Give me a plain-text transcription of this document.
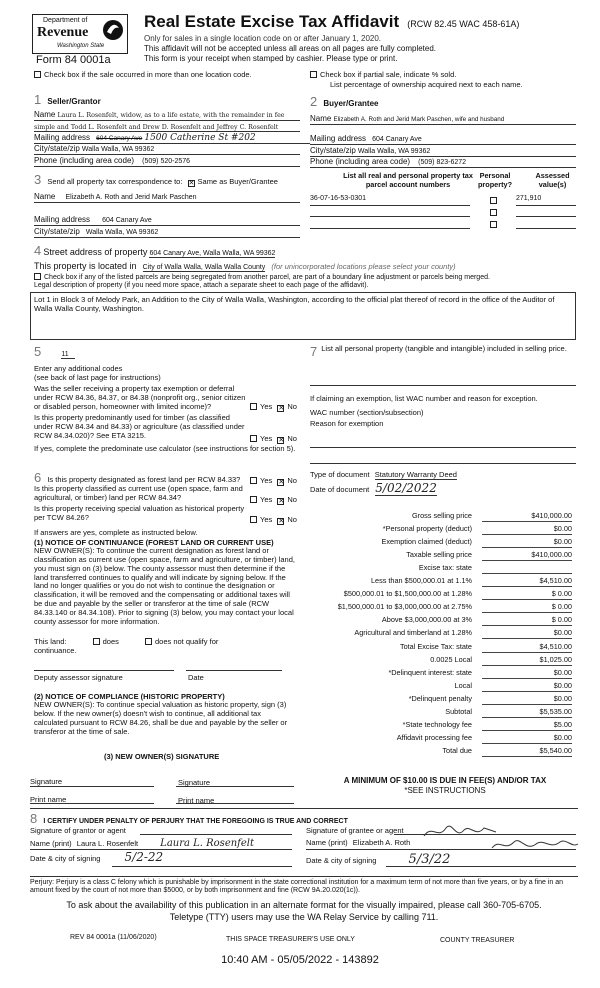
Department of
Revenue
Washington State
Form 84 0001a
Real Estate Excise Tax Affidavit (RCW 82.45 WAC 458-61A)
Only for sales in a single location code on or after January 1, 2020.
This affidavit will not be accepted unless all areas on all pages are fully completed.
This form is your receipt when stamped by cashier. Please type or print.
Check box if the sale occurred in more than one location code.	Check box if partial sale, indicate % sold.
List percentage of ownership acquired next to each name.
1 Seller/Grantor	2 Buyer/Grantee
Name Laura L. Rosenfelt, widow, as to a life estate, with the remainder in fee
simple and Todd L. Rosenfelt and Drew D. Rosenfelt and Jeffrey C. Rosenfelt
Mailing address 604 Canary Ave 1500 Catherine St #202
City/state/zip Walla Walla, WA 99362
Phone (including area code) (509) 520-2576
Name Elizabeth A. Roth and Jerid Mark Paschen, wife and husband
Mailing address 604 Canary Ave
City/state/zip Walla Walla, WA 99362
Phone (including area code) (509) 823-6272
3 Send all property tax correspondence to: ✕ Same as Buyer/Grantee
Name Elizabeth A. Roth and Jerid Mark Paschen
Mailing address 604 Canary Ave
City/state/zip Walla Walla, WA 99362
List all real and personal property tax
parcel account numbers
Personal
property?
Assessed
value(s)
36-07-16-53-0301	271,910
4 Street address of property 604 Canary Ave, Walla Walla, WA 99362
This property is located in City of Walla Walla, Walla Walla County (for unincorporated locations please select your county)
Check box if any of the listed parcels are being segregated from another parcel, are part of a boundary line adjustment or parcels being merged.
Legal description of property (if you need more space, attach a separate sheet to each page of the affidavit).
Lot 1 in Block 3 of Melody Park, an Addition to the City of Walla Walla, Washington, according to the official plat thereof of record in the office of the Auditor of Walla Walla County, Washington.
5	11
Enter any additional codes
(see back of last page for instructions)
Was the seller receiving a property tax exemption or deferral under RCW 84.36, 84.37, or 84.38 (nonprofit org., senior citizen or disabled person, homeowner with limited income)?	Yes ✕ No
Is this property predominantly used for timber (as classified under RCW 84.34 and 84.33) or agriculture (as classified under RCW 84.34.020)? See ETA 3215.	Yes ✕ No
If yes, complete the predominate use calculator (see instructions for section 5).
7 List all personal property (tangible and intangible) included in selling price.
If claiming an exemption, list WAC number and reason for exception.
WAC number (section/subsection)
Reason for exemption
6 Is this property designated as forest land per RCW 84.33?	Yes ✕ No
Is this property classified as current use (open space, farm and agricultural, or timber) land per RCW 84.34?	Yes ✕ No
Is this property receiving special valuation as historical property per TCW 84.26?	Yes ✕ No
If answers are yes, complete as instructed below.
(1) NOTICE OF CONTINUANCE (FOREST LAND OR CURRENT USE)
NEW OWNER(S): To continue the current designation as forest land or classification as current use (open space, farm and agriculture, or timber) land, you must sign on (3) below. The county assessor must then determine if the land transferred continues to qualify and will indicate by signing below. If the land no longer qualifies or you do not wish to continue the designation or classification, it will be removed and the compensating or additional taxes will be due and payable by the seller or transferor at the time of sale (RCW 84.33.140 or 84.34.108). Prior to signing (3) below, you may contact your local county assessor for more information.
This land:	does	does not qualify for
continuance.
Deputy assessor signature	Date
(2) NOTICE OF COMPLIANCE (HISTORIC PROPERTY)
NEW OWNER(S): To continue special valuation as historic property, sign (3) below. If the new owner(s) doesn't wish to continue, all additional tax calculated pursuant to RCW 84.26, shall be due and payable by the seller or transferor at the time of sale.
(3) NEW OWNER(S) SIGNATURE
Signature	Signature
Print name	Print name
Type of document Statutory Warranty Deed
Date of document 5/02/2022
Gross selling price	$410,000.00
*Personal property (deduct)	$0.00
Exemption claimed (deduct)	$0.00
Taxable selling price	$410,000.00
Excise tax: state
Less than $500,000.01 at 1.1%	$4,510.00
$500,000.01 to $1,500,000.00 at 1.28%	$ 0.00
$1,500,000.01 to $3,000,000.00 at 2.75%	$ 0.00
Above $3,000,000.00 at 3%	$ 0.00
Agricultural and timberland at 1.28%	$0.00
Total Excise Tax: state	$4,510.00
0.0025 Local	$1,025.00
*Delinquent interest: state	$0.00
Local	$0.00
*Delinquent penalty	$0.00
Subtotal	$5,535.00
*State technology fee	$5.00
Affidavit processing fee	$0.00
Total due	$5,540.00
A MINIMUM OF $10.00 IS DUE IN FEE(S) AND/OR TAX
*SEE INSTRUCTIONS
8 I CERTIFY UNDER PENALTY OF PERJURY THAT THE FOREGOING IS TRUE AND CORRECT
Signature of grantor or agent	Signature of grantee or agent
Name (print) Laura L. Rosenfelt Laura L. Rosenfelt	Name (print) Elizabeth A. Roth
Date & city of signing 5/2-22	Date & city of signing 5/3/22
Perjury: Perjury is a class C felony which is punishable by imprisonment in the state correctional institution for a maximum term of not more than five years, or by a fine in an amount fixed by the court of not more than $5000, or by both imprisonment and fine (RCW 9A.20.020(1c)).
To ask about the availability of this publication in an alternate format for the visually impaired, please call 360-705-6705.
Teletype (TTY) users may use the WA Relay Service by calling 711.
REV 84 0001a (11/06/2020)	THIS SPACE TREASURER'S USE ONLY	COUNTY TREASURER
10:40 AM - 05/05/2022 - 143892
